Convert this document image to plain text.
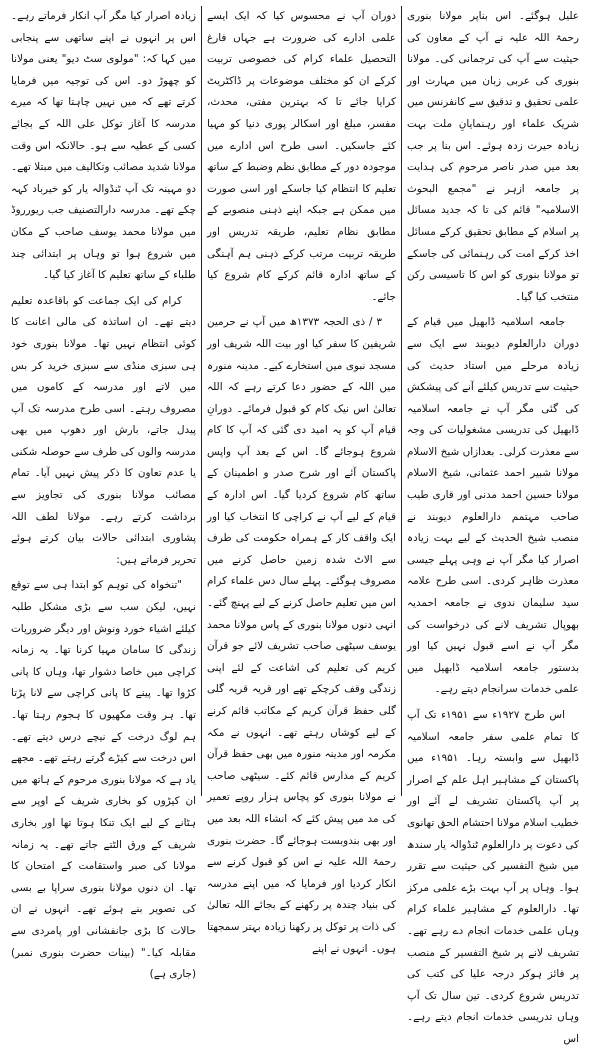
علیل ہوگئے۔ اس بناپر مولانا بنوری رحمۃ اللہ علیہ نے آپ کے معاون کی حیثیت سے آپ کی ترجمانی کی۔ مولانا بنوری کی عربی زبان میں مہارت اور علمی تحقیق و تدقیق سے کانفرنس میں شریک علماء اور رہنمایانِ ملت بہت زیادہ حیرت زدہ ہوئے۔ اس بنا پر جب بعد میں صدر ناصر مرحوم کی ہدایت پر جامعہ ازہر نے "مجمع البحوث الاسلامیہ" قائم کی تا کہ جدید مسائل پر اسلام کے مطابق تحقیق کرکے مسائل اخذ کرکے امت کی رہنمائی کی جاسکے تو مولانا بنوری کو اس کا تاسیسی رکن منتخب کیا گیا۔

جامعہ اسلامیہ ڈابھیل میں قیام کے دوران دارالعلوم دیوبند سے ایک سے زیادہ مرحلے میں استاد حدیث کی حیثیت سے تدریس کیلئے آنے کی پیشکش کی گئی مگر آپ نے جامعہ اسلامیہ ڈابھیل کی تدریسی مشغولیات کی وجہ سے معذرت کرلی۔ بعدازاں شیخ الاسلام مولانا شبیر احمد عثمانی، شیخ الاسلام مولانا حسین احمد مدنی اور قاری طیب صاحب مہتمم دارالعلوم دیوبند نے منصب شیخ الحدیث کے لیے بہت زیادہ اصرار کیا مگر آپ نے وہی پہلے جیسی معذرت ظاہر کردی۔ اسی طرح علامہ سید سلیمان ندوی نے جامعہ احمدیہ بھوپال تشریف لانے کی درخواست کی مگر آپ نے اسے قبول نہیں کیا اور بدستور جامعہ اسلامیہ ڈابھیل میں علمی خدمات سرانجام دیتے رہے۔

اس طرح ۱۹۲۷ء سے ۱۹۵۱ء تک آپ کا تمام علمی سفر جامعہ اسلامیہ ڈابھیل سے وابستہ رہا۔ ۱۹۵۱ء میں پاکستان کے مشاہیر اہل علم کے اصرار پر آپ پاکستان تشریف لے آئے اور خطیب اسلام مولانا احتشام الحق تھانوی کی دعوت پر دارالعلوم ٹنڈوالہ یار سندھ میں شیخ التفسیر کی حیثیت سے تقرر ہوا۔ وہاں پر آپ بہت بڑے علمی مرکز تھا۔ دارالعلوم کے مشاہیر علماء کرام وہاں علمی خدمات انجام دے رہے تھے۔ تشریف لانے پر شیخ التفسیر کے منصب پر فائز ہوکر درجہ علیا کی کتب کی تدریس شروع کردی۔ تین سال تک آپ وہاں تدریسی خدمات انجام دیتے رہے۔ اس

دوران آپ نے محسوس کیا کہ ایک ایسے علمی ادارے کی ضرورت ہے جہاں فارغ التحصیل علماء کرام کی خصوصی تربیت کرکے ان کو مختلف موضوعات پر ڈاکٹریٹ کرایا جائے تا کہ بہترین مفتی، محدث، مفسر، مبلغ اور اسکالر پوری دنیا کو مہیا کئے جاسکیں۔ اسی طرح اس ادارے میں موجودہ دور کے مطابق نظم وضبط کے ساتھ تعلیم کا انتظام کیا جاسکے اور اسی صورت میں ممکن ہے جبکہ اپنے ذہنی منصوبے کے مطابق نظام تعلیم، طریقہ تدریس اور طریقہ تربیت مرتب کرکے ذہنی ہم آہنگی کے ساتھ ادارہ قائم کرکے کام شروع کیا جائے۔

۳ / ذی الحجہ ۱۳۷۳ھ میں آپ نے حرمین شریفین کا سفر کیا اور بیت اللہ شریف اور مسجد نبوی میں استخارے کیے۔ مدینہ منورہ میں اللہ کے حضور دعا کرتے رہے کہ اللہ تعالیٰ اس نیک کام کو قبول فرمائے۔ دورانِ قیام آپ کو یہ امید دی گئی کہ آپ کا کام شروع ہوجائے گا۔ اس کے بعد آپ واپس پاکستان آئے اور شرح صدر و اطمینان کے ساتھ کام شروع کردیا گیا۔ اس ادارہ کے قیام کے لیے آپ نے کراچی کا انتخاب کیا اور ایک واقف کار کے ہمراہ حکومت کی طرف سے الاٹ شدہ زمین حاصل کرنے میں مصروف ہوگئے۔ پہلے سال دس علماء کرام اس میں تعلیم حاصل کرنے کے لیے پہنچ گئے۔ انہی دنوں مولانا بنوری کے پاس مولانا محمد یوسف سیٹھی صاحب تشریف لائے جو قرآن کریم کی تعلیم کی اشاعت کے لئے اپنی زندگی وقف کرچکے تھے اور قریہ قریہ گلی گلی حفظ قرآن کریم کے مکاتب قائم کرنے کے لیے کوشاں رہتے تھے۔ انہوں نے مکہ مکرمہ اور مدینہ منورہ میں بھی حفظ قرآن کریم کے مدارس قائم کئے۔ سیٹھی صاحب نے مولانا بنوری کو پچاس ہزار روپے تعمیر کی مد میں پیش کئے کہ انشاء اللہ بعد میں اور بھی بندوبست ہوجائے گا۔ حضرت بنوری رحمۃ اللہ علیہ نے اس کو قبول کرنے سے انکار کردیا اور فرمایا کہ میں اپنے مدرسہ کی بنیاد چندہ پر رکھنے کے بجائے اللہ تعالیٰ کی ذات پر توکل پر رکھنا زیادہ بہتر سمجھتا ہوں۔ انہوں نے اپنے

زیادہ اصرار کیا مگر آپ انکار فرماتے رہے۔ اس پر انہوں نے اپنے ساتھی سے پنجابی میں کہا کہ: "مولوی سٹ دیو" یعنی مولانا کو چھوڑ دو۔ اس کی توجیہ میں فرمایا کرتے تھے کہ میں نہیں چاہتا تھا کہ میرے مدرسہ کا آغاز توکل علی اللہ کے بجائے کسی کے عطیہ سے ہو۔ حالانکہ اس وقت مولانا شدید مصائب وتکالیف میں مبتلا تھے۔ دو مہینہ تک آپ ٹنڈوالہ یار کو خیرباد کہہ چکے تھے۔ مدرسہ دارالتصنیف جب ریورروڈ میں مولانا محمد یوسف صاحب کے مکان میں شروع ہوا تو وہاں پر ابتدائی چند طلباء کے ساتھ تعلیم کا آغاز کیا گیا۔

کرام کی ایک جماعت کو باقاعدہ تعلیم دیتے تھے۔ ان اساتذہ کی مالی اعانت کا کوئی انتظام نہیں تھا۔ مولانا بنوری خود ہی سبزی منڈی سے سبزی خرید کر بس میں لاتے اور مدرسہ کے کاموں میں مصروف رہتے۔ اسی طرح مدرسہ تک آپ پیدل جاتے، بارش اور دھوپ میں بھی مدرسہ والوں کی طرف سے حوصلہ شکنی یا عدم تعاون کا ذکر پیش نہیں آیا۔ تمام مصائب مولانا بنوری کی تجاویز سے برداشت کرتے رہے۔ مولانا لطف اللہ پشاوری ابتدائی حالات بیان کرتے ہوئے تحریر فرماتے ہیں:

"تنخواہ کی توہم کو ابتدا ہی سے توقع نہیں، لیکن سب سے بڑی مشکل طلبہ کیلئے اشیاء خورد ونوش اور دیگر ضروریات زندگی کا سامان مہیا کرنا تھا۔ یہ زمانہ کراچی میں خاصا دشوار تھا، وہاں کا پانی کڑوا تھا۔ پینے کا پانی کراچی سے لانا پڑتا تھا۔ ہر وقت مکھیوں کا ہجوم رہتا تھا۔ ہم لوگ درخت کے نیچے درس دیتے تھے۔ اس درخت سے کیڑے گرتے رہتے تھے۔ مجھے یاد ہے کہ مولانا بنوری مرحوم کے ہاتھ میں ان کیڑوں کو بخاری شریف کے اوپر سے ہٹانے کے لیے ایک تنکا ہوتا تھا اور بخاری شریف کے ورق الٹتے جاتے تھے۔ یہ زمانہ مولانا کی صبر واستقامت کے امتحان کا تھا۔ ان دنوں مولانا بنوری سراپا بے بسی کی تصویر بنے ہوئے تھے۔ انہوں نے ان حالات کا بڑی جانفشانی اور پامردی سے مقابلہ کیا۔" (بینات حضرت بنوری نمبر) (جاری ہے)
